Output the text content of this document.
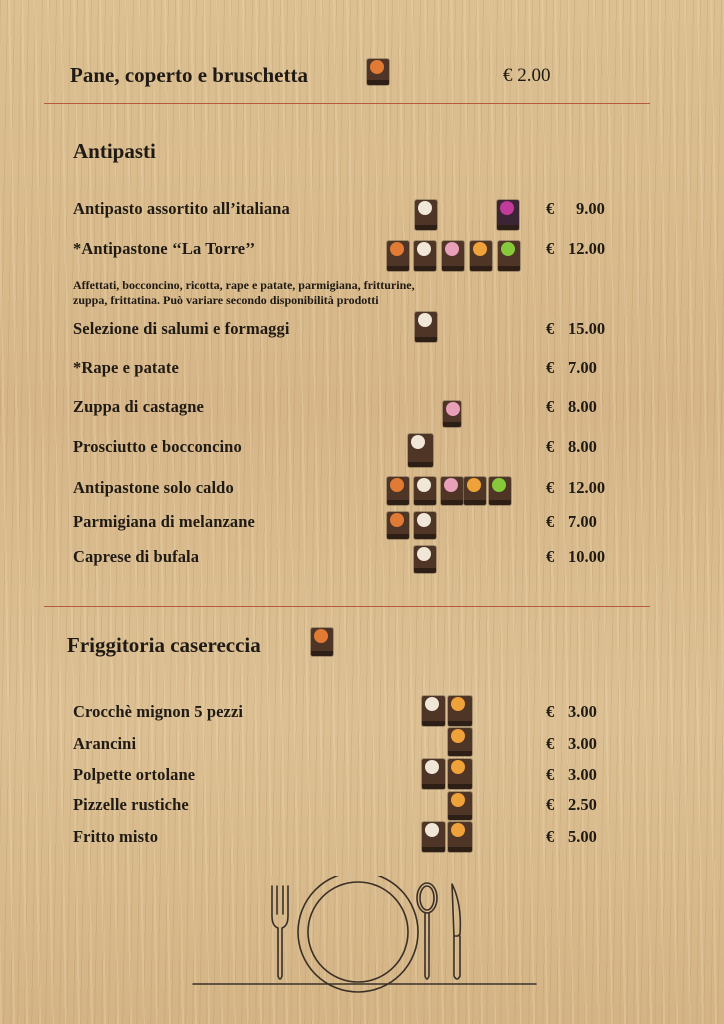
Pane, coperto e bruschetta	€ 2.00
Antipasti
Antipasto assortito all’italiana	€ 9.00
*Antipastone ‘‘La Torre’’	€ 12.00
Affettati, bocconcino, ricotta, rape e patate, parmigiana, fritturine,
zuppa, frittatina. Può variare secondo disponibilità prodotti
Selezione di salumi e formaggi	€ 15.00
*Rape e patate	€ 7.00
Zuppa di castagne	€ 8.00
Prosciutto e bocconcino	€ 8.00
Antipastone solo caldo	€ 12.00
Parmigiana di melanzane	€ 7.00
Caprese di bufala	€ 10.00
Friggitoria casereccia
Crocchè mignon 5 pezzi	€ 3.00
Arancini	€ 3.00
Polpette ortolane	€ 3.00
Pizzelle rustiche	€ 2.50
Fritto misto	€ 5.00
